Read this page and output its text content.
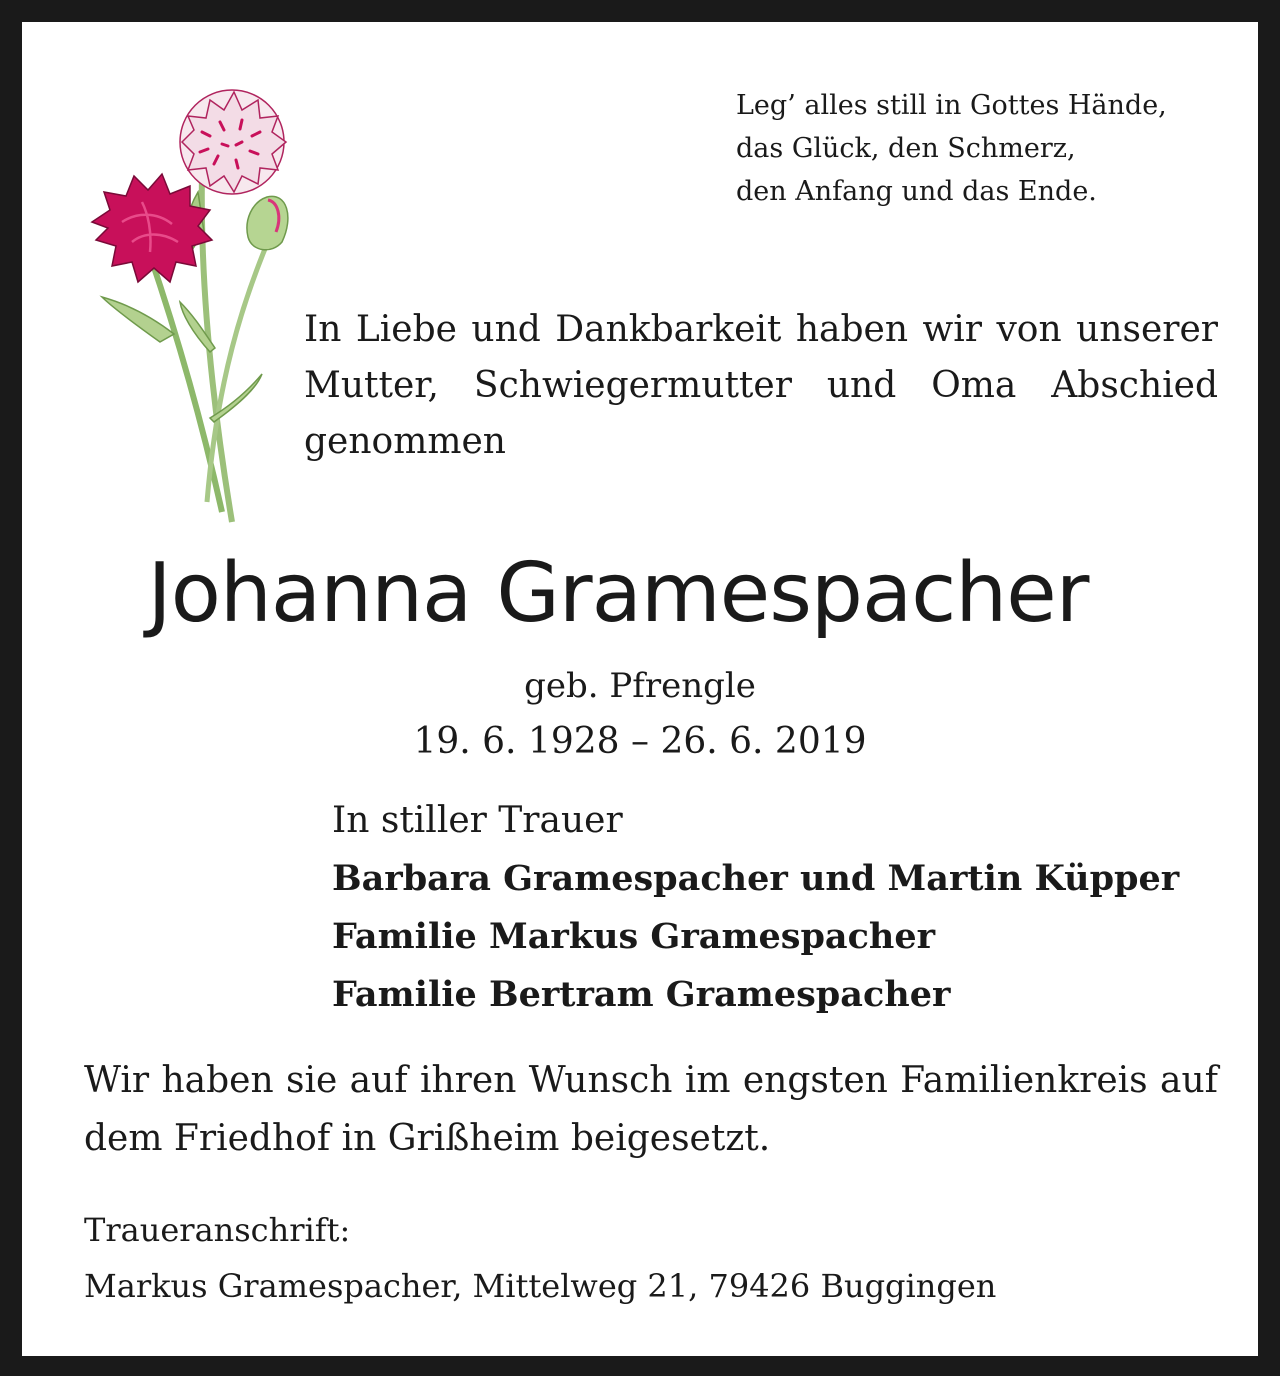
Leg’ alles still in Gottes Hände,
das Glück, den Schmerz,
den Anfang und das Ende.
In Liebe und Dankbarkeit haben wir von unserer Mutter, Schwiegermutter und Oma Abschied genommen
Johanna Gramespacher
geb. Pfrengle
19. 6. 1928 – 26. 6. 2019
In stiller Trauer
Barbara Gramespacher und Martin Küpper
Familie Markus Gramespacher
Familie Bertram Gramespacher
Wir haben sie auf ihren Wunsch im engsten Familienkreis auf dem Friedhof in Grißheim beigesetzt.
Traueranschrift:
Markus Gramespacher, Mittelweg 21, 79426 Buggingen
